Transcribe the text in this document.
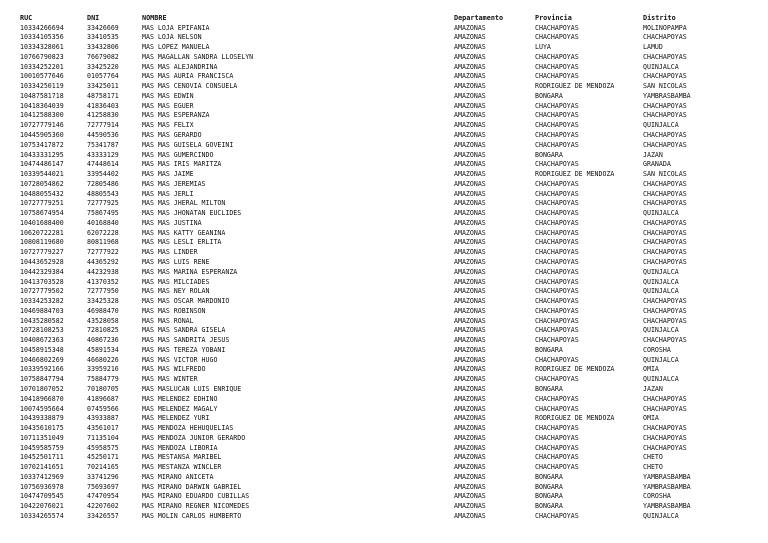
RUC	DNI	NOMBRE	Departamento	Provincia	Distrito
10334266694	33426669	MAS LOJA EPIFANIA	AMAZONAS	CHACHAPOYAS	MOLINOPAMPA
10334105356	33410535	MAS LOJA NELSON	AMAZONAS	CHACHAPOYAS	CHACHAPOYAS
10334328061	33432806	MAS LOPEZ MANUELA	AMAZONAS	LUYA	LAMUD
10766790823	76679082	MAS MAGALLAN SANDRA LLOSELYN	AMAZONAS	CHACHAPOYAS	CHACHAPOYAS
10334252201	33425220	MAS MAS ALEJANDRINA	AMAZONAS	CHACHAPOYAS	QUINJALCA
10010577646	01057764	MAS MAS AURIA FRANCISCA	AMAZONAS	CHACHAPOYAS	CHACHAPOYAS
10334250119	33425011	MAS MAS CENOVIA CONSUELA	AMAZONAS	RODRIGUEZ DE MENDOZA	SAN NICOLAS
10487581718	48758171	MAS MAS EDWIN	AMAZONAS	BONGARA	YAMBRASBAMBA
10418364039	41836403	MAS MAS EGUER	AMAZONAS	CHACHAPOYAS	CHACHAPOYAS
10412588300	41258830	MAS MAS ESPERANZA	AMAZONAS	CHACHAPOYAS	CHACHAPOYAS
10727779146	72777914	MAS MAS FELIX	AMAZONAS	CHACHAPOYAS	QUINJALCA
10445905360	44590536	MAS MAS GERARDO	AMAZONAS	CHACHAPOYAS	CHACHAPOYAS
10753417872	75341787	MAS MAS GUISELA GOVEINI	AMAZONAS	CHACHAPOYAS	CHACHAPOYAS
10433331295	43333129	MAS MAS GUMERCINDO	AMAZONAS	BONGARA	JAZAN
10474486147	47448614	MAS MAS IRIS MARITZA	AMAZONAS	CHACHAPOYAS	GRANADA
10339544021	33954402	MAS MAS JAIME	AMAZONAS	RODRIGUEZ DE MENDOZA	SAN NICOLAS
10728054862	72805486	MAS MAS JEREMIAS	AMAZONAS	CHACHAPOYAS	CHACHAPOYAS
10488055432	48805543	MAS MAS JERLI	AMAZONAS	CHACHAPOYAS	CHACHAPOYAS
10727779251	72777925	MAS MAS JHERAL MILTON	AMAZONAS	CHACHAPOYAS	CHACHAPOYAS
10758674954	75867495	MAS MAS JHONATAN EUCLIDES	AMAZONAS	CHACHAPOYAS	QUINJALCA
10401688400	40168840	MAS MAS JUSTINA	AMAZONAS	CHACHAPOYAS	CHACHAPOYAS
10620722281	62072228	MAS MAS KATTY GEANINA	AMAZONAS	CHACHAPOYAS	CHACHAPOYAS
10808119680	80811968	MAS MAS LESLI ERLITA	AMAZONAS	CHACHAPOYAS	CHACHAPOYAS
10727779227	72777922	MAS MAS LINDER	AMAZONAS	CHACHAPOYAS	CHACHAPOYAS
10443652928	44365292	MAS MAS LUIS RENE	AMAZONAS	CHACHAPOYAS	CHACHAPOYAS
10442329384	44232938	MAS MAS MARINA ESPERANZA	AMAZONAS	CHACHAPOYAS	QUINJALCA
10413703528	41370352	MAS MAS MILCIADES	AMAZONAS	CHACHAPOYAS	QUINJALCA
10727779502	72777950	MAS MAS NEY ROLAN	AMAZONAS	CHACHAPOYAS	QUINJALCA
10334253282	33425328	MAS MAS OSCAR MARDONIO	AMAZONAS	CHACHAPOYAS	CHACHAPOYAS
10469884703	46988470	MAS MAS ROBINSON	AMAZONAS	CHACHAPOYAS	CHACHAPOYAS
10435280582	43528058	MAS MAS RONAL	AMAZONAS	CHACHAPOYAS	CHACHAPOYAS
10728108253	72810825	MAS MAS SANDRA GISELA	AMAZONAS	CHACHAPOYAS	QUINJALCA
10408672363	40867236	MAS MAS SANDRITA JESUS	AMAZONAS	CHACHAPOYAS	CHACHAPOYAS
10458915348	45891534	MAS MAS TEREZA YOBANI	AMAZONAS	BONGARA	COROSHA
10466802269	46680226	MAS MAS VICTOR HUGO	AMAZONAS	CHACHAPOYAS	QUINJALCA
10339592166	33959216	MAS MAS WILFREDO	AMAZONAS	RODRIGUEZ DE MENDOZA	OMIA
10758847794	75884779	MAS MAS WINTER	AMAZONAS	CHACHAPOYAS	QUINJALCA
10701807052	70180705	MAS MASLUCAN LUIS ENRIQUE	AMAZONAS	BONGARA	JAZAN
10418966870	41896687	MAS MELENDEZ EDHINO	AMAZONAS	CHACHAPOYAS	CHACHAPOYAS
10074595664	07459566	MAS MELENDEZ MAGALY	AMAZONAS	CHACHAPOYAS	CHACHAPOYAS
10439338879	43933887	MAS MELENDEZ YURI	AMAZONAS	RODRIGUEZ DE MENDOZA	OMIA
10435610175	43561017	MAS MENDOZA HEHUQUELIAS	AMAZONAS	CHACHAPOYAS	CHACHAPOYAS
10711351049	71135104	MAS MENDOZA JUNIOR GERARDO	AMAZONAS	CHACHAPOYAS	CHACHAPOYAS
10459585759	45958575	MAS MENDOZA LIBORIA	AMAZONAS	CHACHAPOYAS	CHACHAPOYAS
10452501711	45250171	MAS MESTANSA MARIBEL	AMAZONAS	CHACHAPOYAS	CHETO
10702141651	70214165	MAS MESTANZA WINCLER	AMAZONAS	CHACHAPOYAS	CHETO
10337412969	33741296	MAS MIRANO ANICETA	AMAZONAS	BONGARA	YAMBRASBAMBA
10756936978	75693697	MAS MIRANO DARWIN GABRIEL	AMAZONAS	BONGARA	YAMBRASBAMBA
10474709545	47470954	MAS MIRANO EDUARDO CUBILLAS	AMAZONAS	BONGARA	COROSHA
10422076021	42207602	MAS MIRANO REGNER NICOMEDES	AMAZONAS	BONGARA	YAMBRASBAMBA
10334265574	33426557	MAS MOLIN CARLOS HUMBERTO	AMAZONAS	CHACHAPOYAS	QUINJALCA
